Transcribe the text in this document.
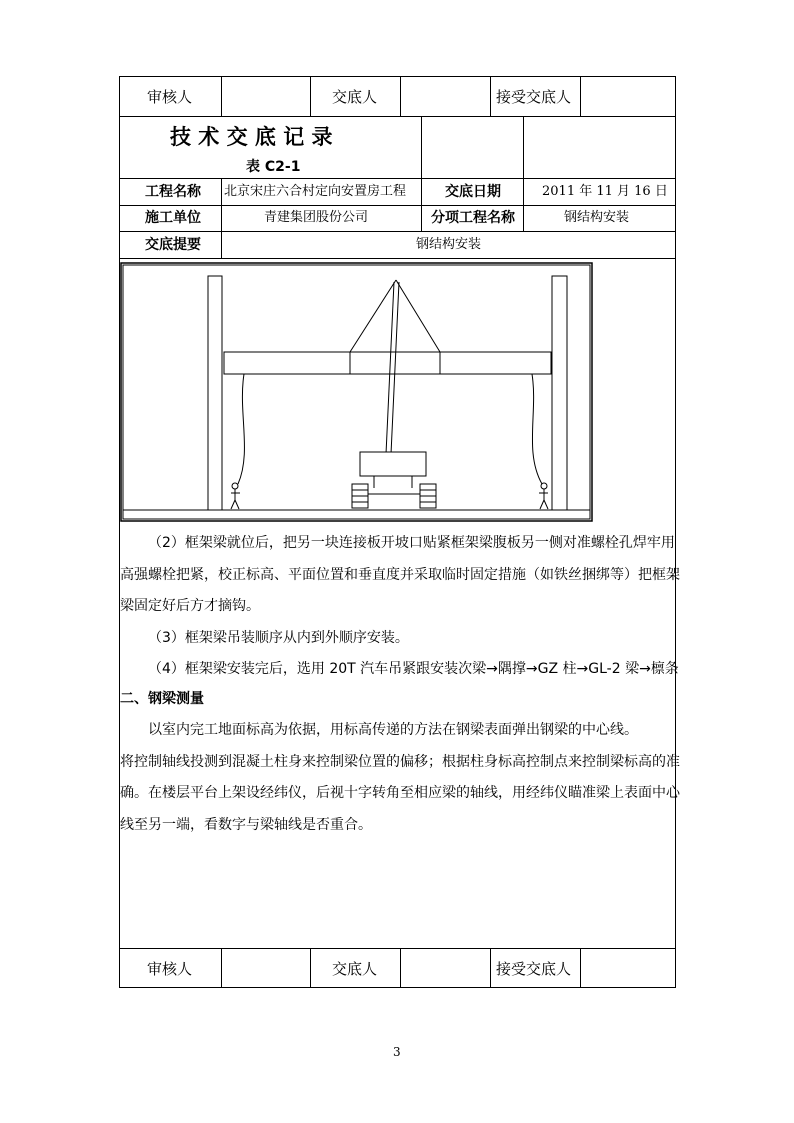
审核人	交底人	接受交底人
技 术 交 底 记 录
表 C2-1
工程名称 北京宋庄六合村定向安置房工程	交底日期	2011 年 11 月 16 日
施工单位	青建集团股份公司	分项工程名称	钢结构安装
交底提要	钢结构安装
（2）框架梁就位后，把另一块连接板开坡口贴紧框架梁腹板另一侧对准螺栓孔焊牢用
高强螺栓把紧，校正标高、平面位置和垂直度并采取临时固定措施（如铁丝捆绑等）把框架
梁固定好后方才摘钩。
（3）框架梁吊装顺序从内到外顺序安装。
（4）框架梁安装完后，选用 20T 汽车吊紧跟安装次梁→隅撑→GZ 柱→GL-2 梁→檩条
二、钢梁测量
以室内完工地面标高为依据，用标高传递的方法在钢梁表面弹出钢梁的中心线。
将控制轴线投测到混凝土柱身来控制梁位置的偏移；根据柱身标高控制点来控制梁标高的准
确。在楼层平台上架设经纬仪，后视十字转角至相应梁的轴线，用经纬仪瞄准梁上表面中心
线至另一端，看数字与梁轴线是否重合。
审核人	交底人	接受交底人
3
